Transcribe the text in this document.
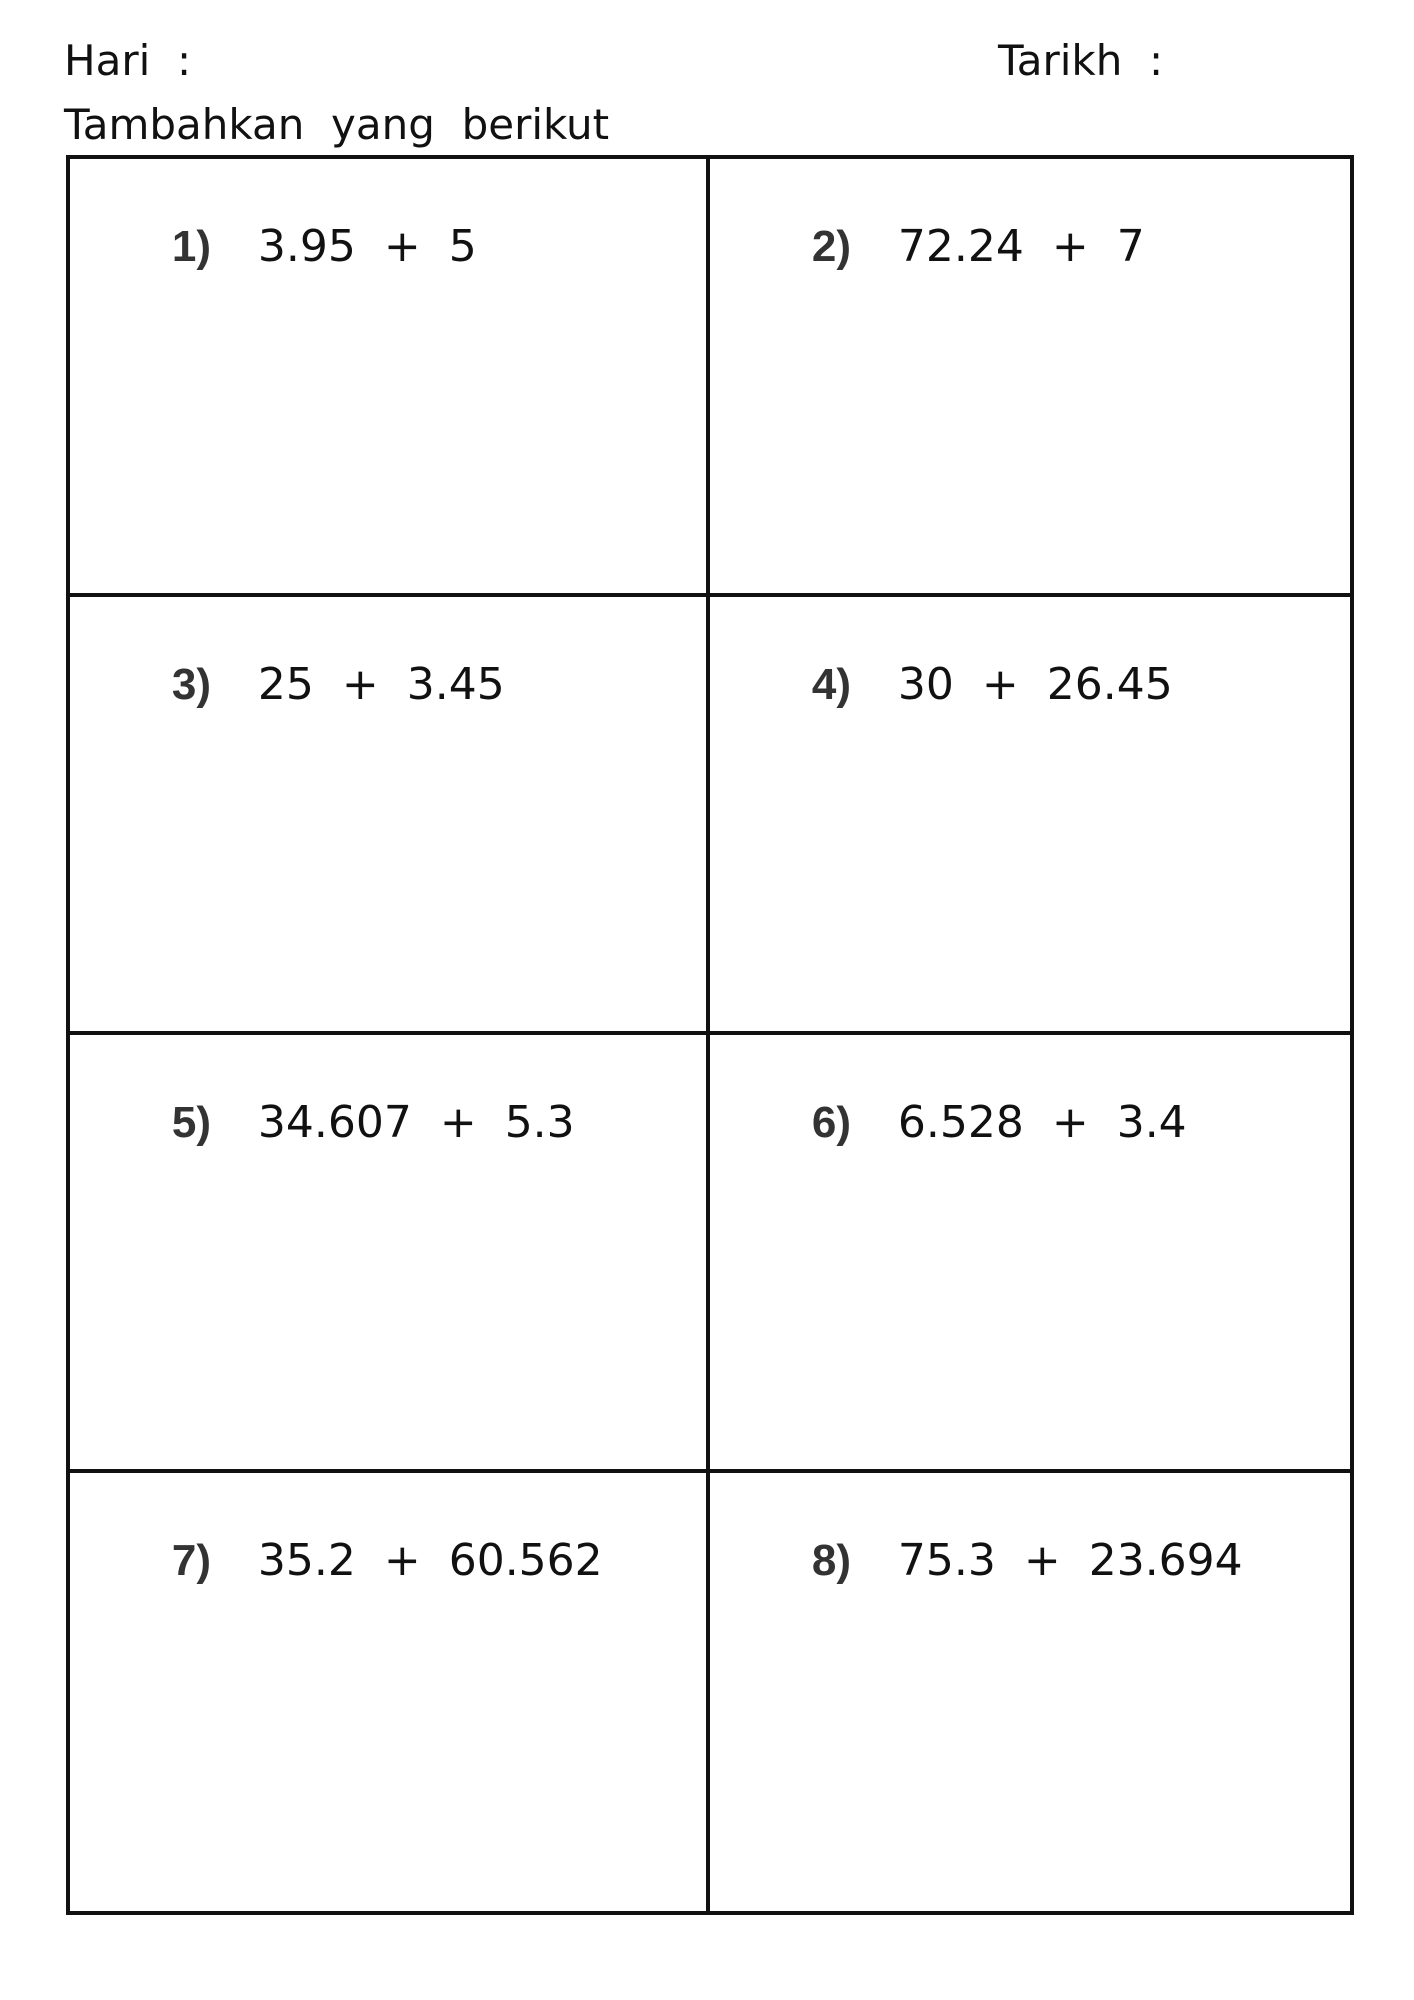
Hari  :	Tarikh  :
Tambahkan  yang  berikut

1) 3.95  +  5
	2) 72.24  +  7

3) 25  +  3.45
	4) 30  +  26.45

5) 34.607  +  5.3
	6) 6.528  +  3.4

7) 35.2  +  60.562
	8) 75.3  +  23.694
